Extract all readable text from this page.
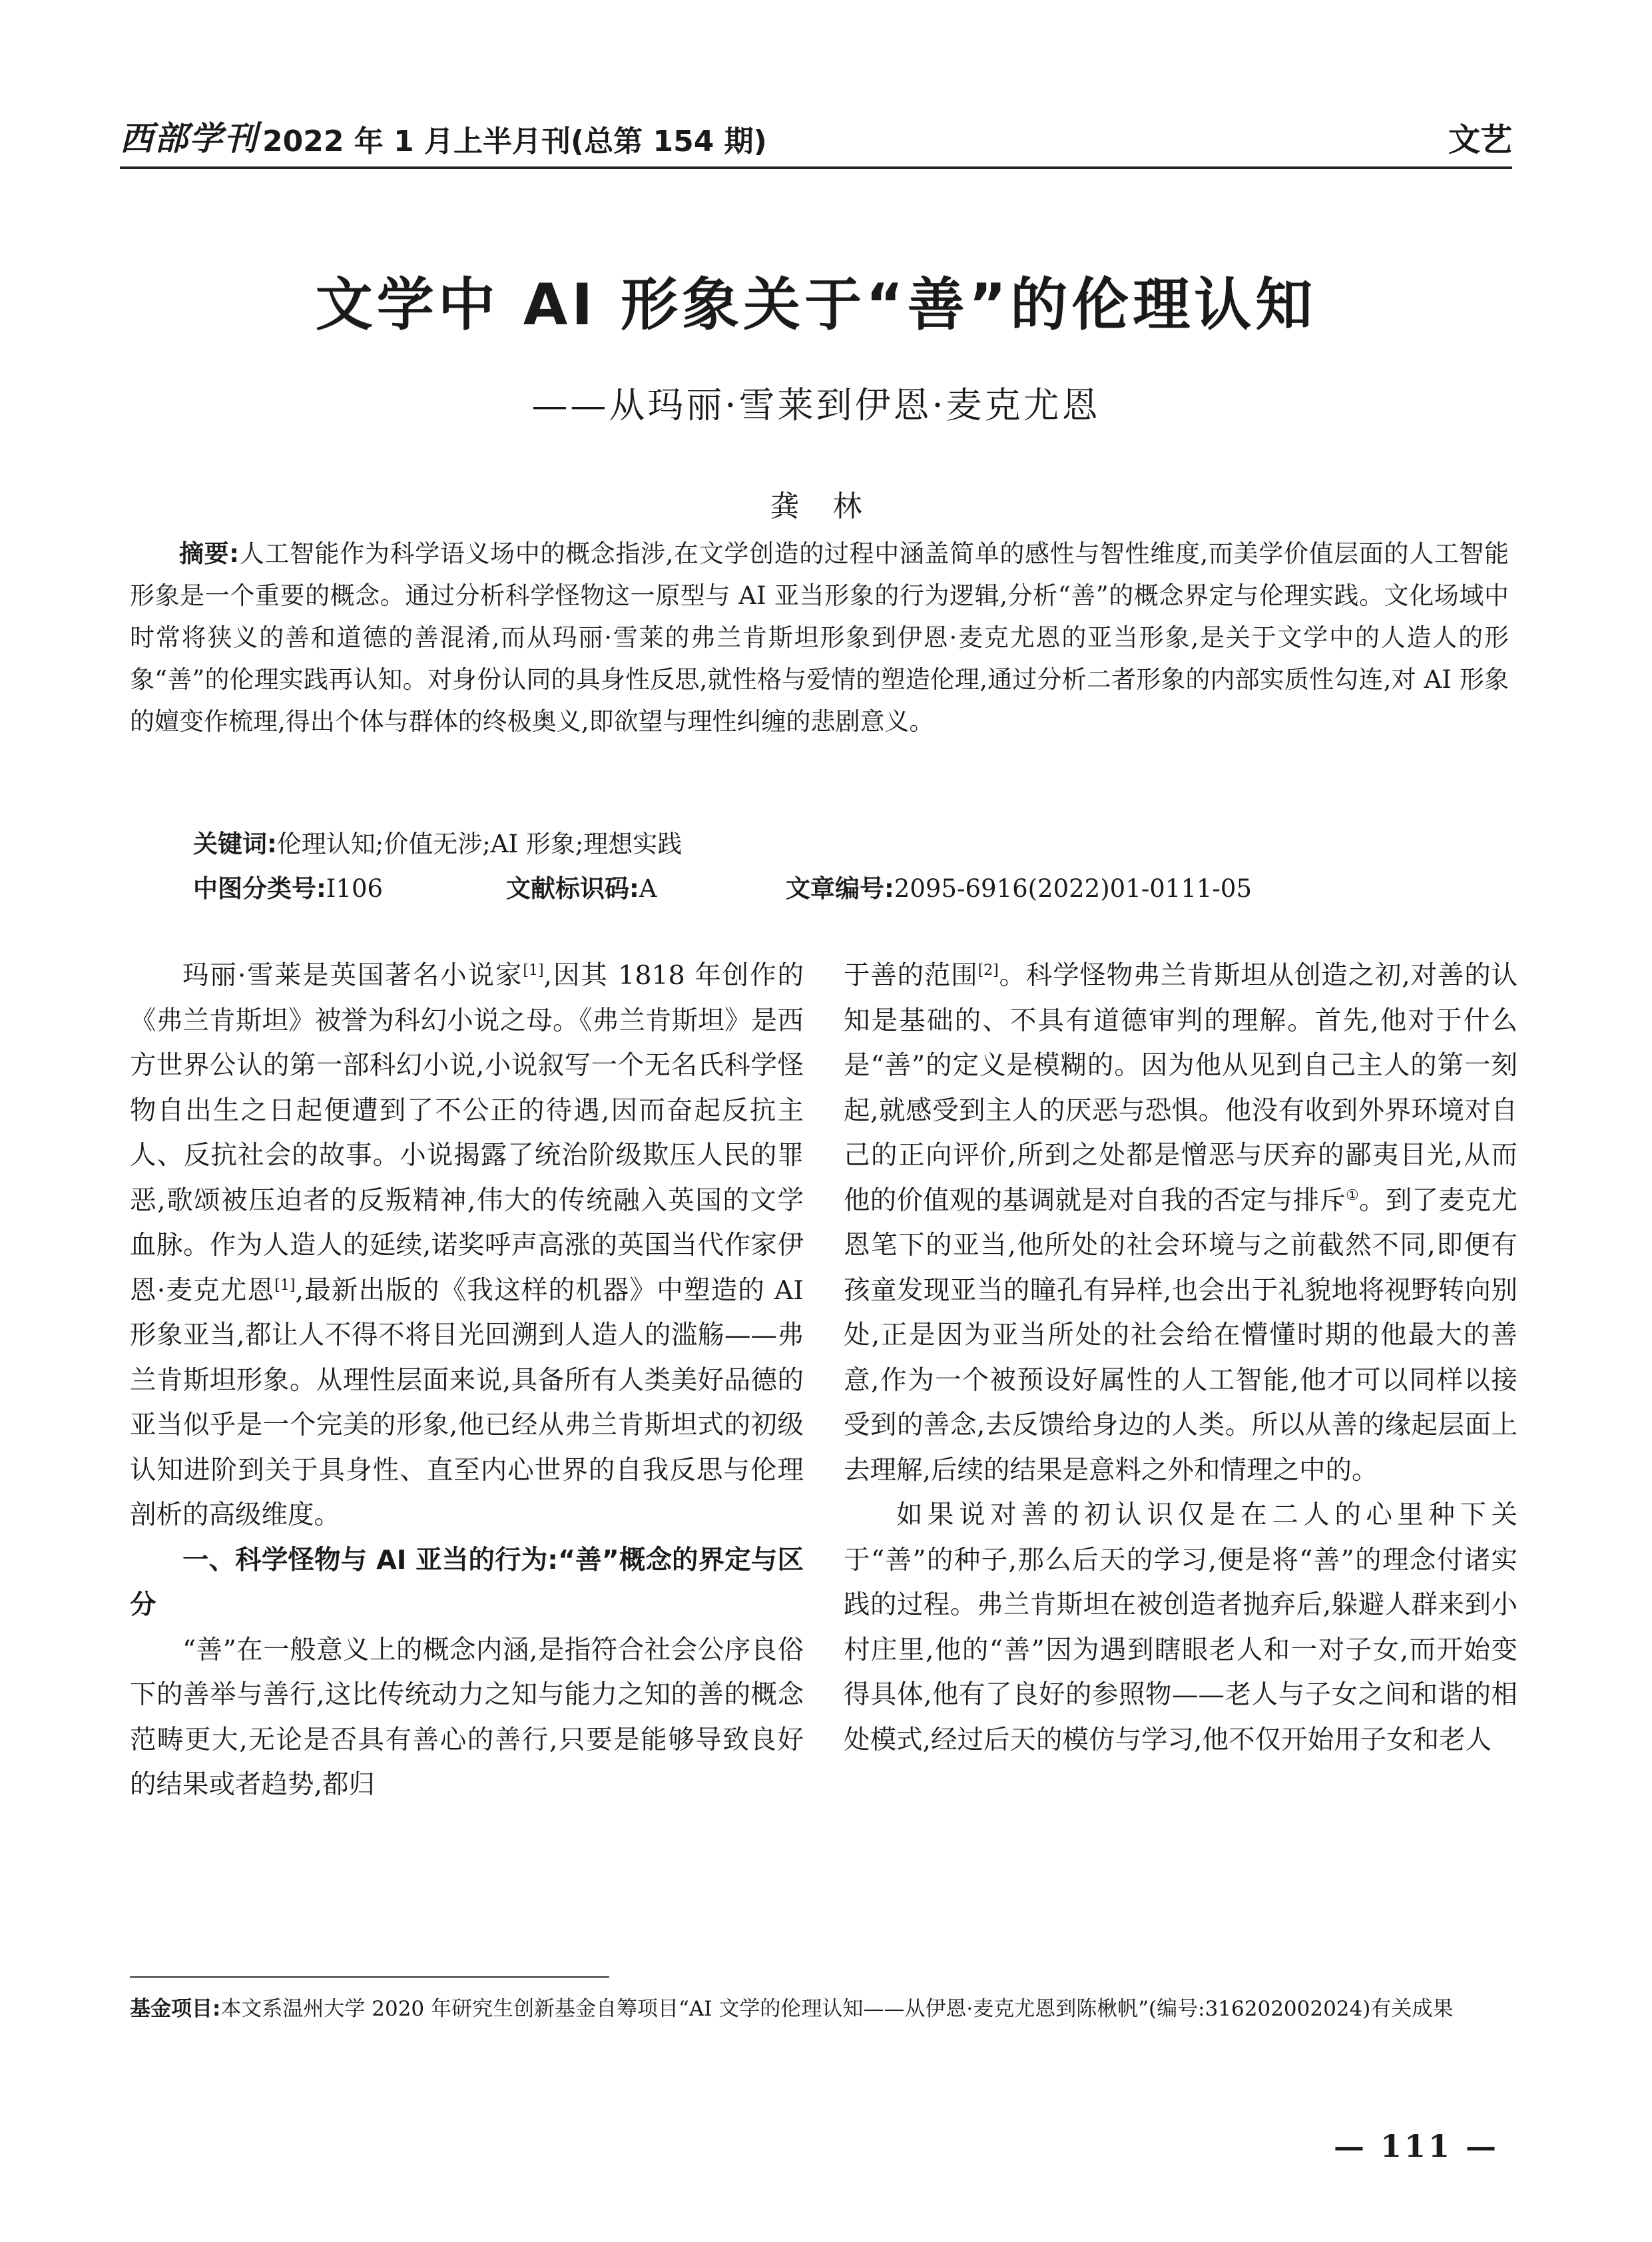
西部学刊 2022 年 1 月上半月刊(总第 154 期)	文艺
文学中 AI 形象关于“善”的伦理认知
——从玛丽·雪莱到伊恩·麦克尤恩
龚林

摘要:人工智能作为科学语义场中的概念指涉,在文学创造的过程中涵盖简单的感性与智性维度,而美学价值层面的人工智能形象是一个重要的概念。通过分析科学怪物这一原型与 AI 亚当形象的行为逻辑,分析“善”的概念界定与伦理实践。文化场域中时常将狭义的善和道德的善混淆,而从玛丽·雪莱的弗兰肯斯坦形象到伊恩·麦克尤恩的亚当形象,是关于文学中的人造人的形象“善”的伦理实践再认知。对身份认同的具身性反思,就性格与爱情的塑造伦理,通过分析二者形象的内部实质性勾连,对 AI 形象的嬗变作梳理,得出个体与群体的终极奥义,即欲望与理性纠缠的悲剧意义。

关键词:伦理认知;价值无涉;AI 形象;理想实践
中图分类号:I106	文献标识码:A	文章编号:2095-6916(2022)01-0111-05

玛丽·雪莱是英国著名小说家[1],因其 1818 年创作的《弗兰肯斯坦》被誉为科幻小说之母。《弗兰肯斯坦》是西方世界公认的第一部科幻小说,小说叙写一个无名氏科学怪物自出生之日起便遭到了不公正的待遇,因而奋起反抗主人、反抗社会的故事。小说揭露了统治阶级欺压人民的罪恶,歌颂被压迫者的反叛精神,伟大的传统融入英国的文学血脉。作为人造人的延续,诺奖呼声高涨的英国当代作家伊恩·麦克尤恩[1],最新出版的《我这样的机器》中塑造的 AI 形象亚当,都让人不得不将目光回溯到人造人的滥觞——弗兰肯斯坦形象。从理性层面来说,具备所有人类美好品德的亚当似乎是一个完美的形象,他已经从弗兰肯斯坦式的初级认知进阶到关于具身性、直至内心世界的自我反思与伦理剖析的高级维度。

一、科学怪物与 AI 亚当的行为:“善”概念的界定与区分

“善”在一般意义上的概念内涵,是指符合社会公序良俗下的善举与善行,这比传统动力之知与能力之知的善的概念范畴更大,无论是否具有善心的善行,只要是能够导致良好的结果或者趋势,都归

于善的范围[2]。科学怪物弗兰肯斯坦从创造之初,对善的认知是基础的、不具有道德审判的理解。首先,他对于什么是“善”的定义是模糊的。因为他从见到自己主人的第一刻起,就感受到主人的厌恶与恐惧。他没有收到外界环境对自己的正向评价,所到之处都是憎恶与厌弃的鄙夷目光,从而他的价值观的基调就是对自我的否定与排斥①。到了麦克尤恩笔下的亚当,他所处的社会环境与之前截然不同,即便有孩童发现亚当的瞳孔有异样,也会出于礼貌地将视野转向别处,正是因为亚当所处的社会给在懵懂时期的他最大的善意,作为一个被预设好属性的人工智能,他才可以同样以接受到的善念,去反馈给身边的人类。所以从善的缘起层面上去理解,后续的结果是意料之外和情理之中的。

如果说对善的初认识仅是在二人的心里种下关于“善”的种子,那么后天的学习,便是将“善”的理念付诸实践的过程。弗兰肯斯坦在被创造者抛弃后,躲避人群来到小村庄里,他的“善”因为遇到瞎眼老人和一对子女,而开始变得具体,他有了良好的参照物——老人与子女之间和谐的相处模式,经过后天的模仿与学习,他不仅开始用子女和老人

基金项目:本文系温州大学 2020 年研究生创新基金自筹项目“AI 文学的伦理认知——从伊恩·麦克尤恩到陈楸帆”(编号:316202002024)有关成果
— 111 —
